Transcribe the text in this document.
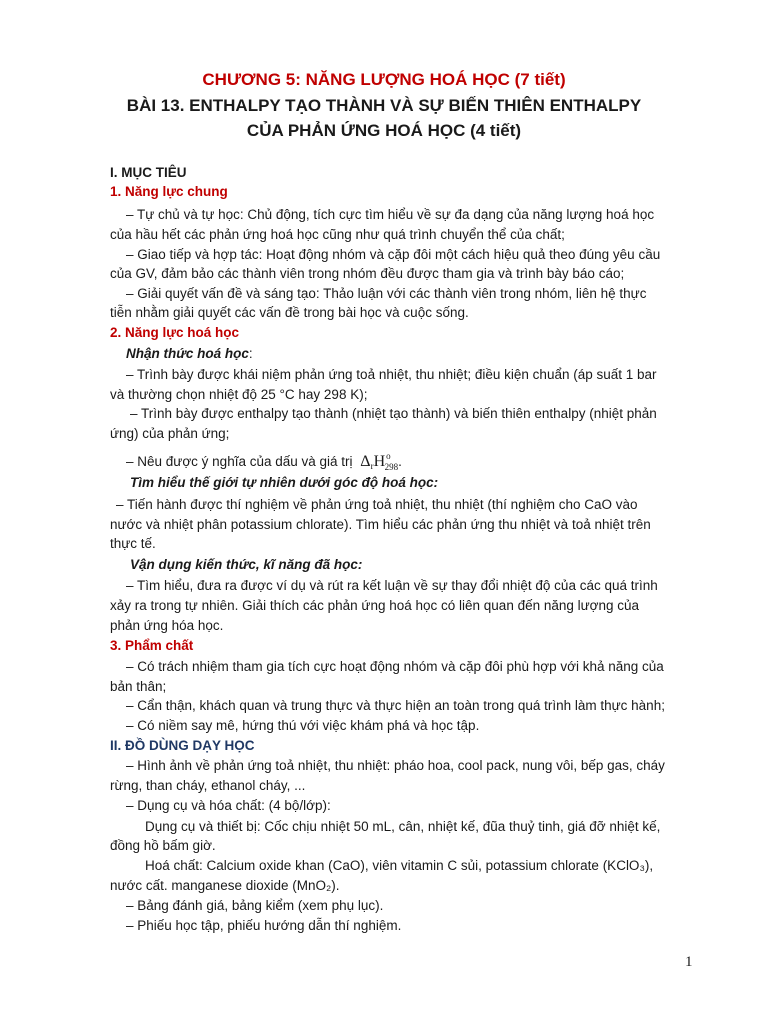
CHƯƠNG 5: NĂNG LƯỢNG HOÁ HỌC (7 tiết)
BÀI 13. ENTHALPY TẠO THÀNH VÀ SỰ BIẾN THIÊN ENTHALPY
CỦA PHẢN ỨNG HOÁ HỌC (4 tiết)
I. MỤC TIÊU
1. Năng lực chung
– Tự chủ và tự học: Chủ động, tích cực tìm hiểu về sự đa dạng của năng lượng hoá học
của hầu hết các phản ứng hoá học cũng như quá trình chuyển thể của chất;
– Giao tiếp và hợp tác: Hoạt động nhóm và cặp đôi một cách hiệu quả theo đúng yêu cầu
của GV, đảm bảo các thành viên trong nhóm đều được tham gia và trình bày báo cáo;
– Giải quyết vấn đề và sáng tạo: Thảo luận với các thành viên trong nhóm, liên hệ thực
tiễn nhằm giải quyết các vấn đề trong bài học và cuộc sống.
2. Năng lực hoá học
Nhận thức hoá học:
– Trình bày được khái niệm phản ứng toả nhiệt, thu nhiệt; điều kiện chuẩn (áp suất 1 bar
và thường chọn nhiệt độ 25 °C hay 298 K);
– Trình bày được enthalpy tạo thành (nhiệt tạo thành) và biến thiên enthalpy (nhiệt phản
ứng) của phản ứng;
– Nêu được ý nghĩa của dấu và giá trị ΔrH$^o_{298}$.
Tìm hiểu thế giới tự nhiên dưới góc độ hoá học:
– Tiến hành được thí nghiệm về phản ứng toả nhiệt, thu nhiệt (thí nghiệm cho CaO vào
nước và nhiệt phân potassium chlorate). Tìm hiểu các phản ứng thu nhiệt và toả nhiệt trên
thực tế.
Vận dụng kiến thức, kĩ năng đã học:
– Tìm hiểu, đưa ra được ví dụ và rút ra kết luận về sự thay đổi nhiệt độ của các quá trình
xảy ra trong tự nhiên. Giải thích các phản ứng hoá học có liên quan đến năng lượng của
phản ứng hóa học.
3. Phẩm chất
– Có trách nhiệm tham gia tích cực hoạt động nhóm và cặp đôi phù hợp với khả năng của
bản thân;
– Cẩn thận, khách quan và trung thực và thực hiện an toàn trong quá trình làm thực hành;
– Có niềm say mê, hứng thú với việc khám phá và học tập.
II. ĐỒ DÙNG DẠY HỌC
– Hình ảnh về phản ứng toả nhiệt, thu nhiệt: pháo hoa, cool pack, nung vôi, bếp gas, cháy
rừng, than cháy, ethanol cháy, ...
– Dụng cụ và hóa chất: (4 bộ/lớp):
Dụng cụ và thiết bị: Cốc chịu nhiệt 50 mL, cân, nhiệt kế, đũa thuỷ tinh, giá đỡ nhiệt kế,
đồng hồ bấm giờ.
Hoá chất: Calcium oxide khan (CaO), viên vitamin C sủi, potassium chlorate (KClO₃),
nước cất. manganese dioxide (MnO₂).
– Bảng đánh giá, bảng kiểm (xem phụ lục).
– Phiếu học tập, phiếu hướng dẫn thí nghiệm.
1
